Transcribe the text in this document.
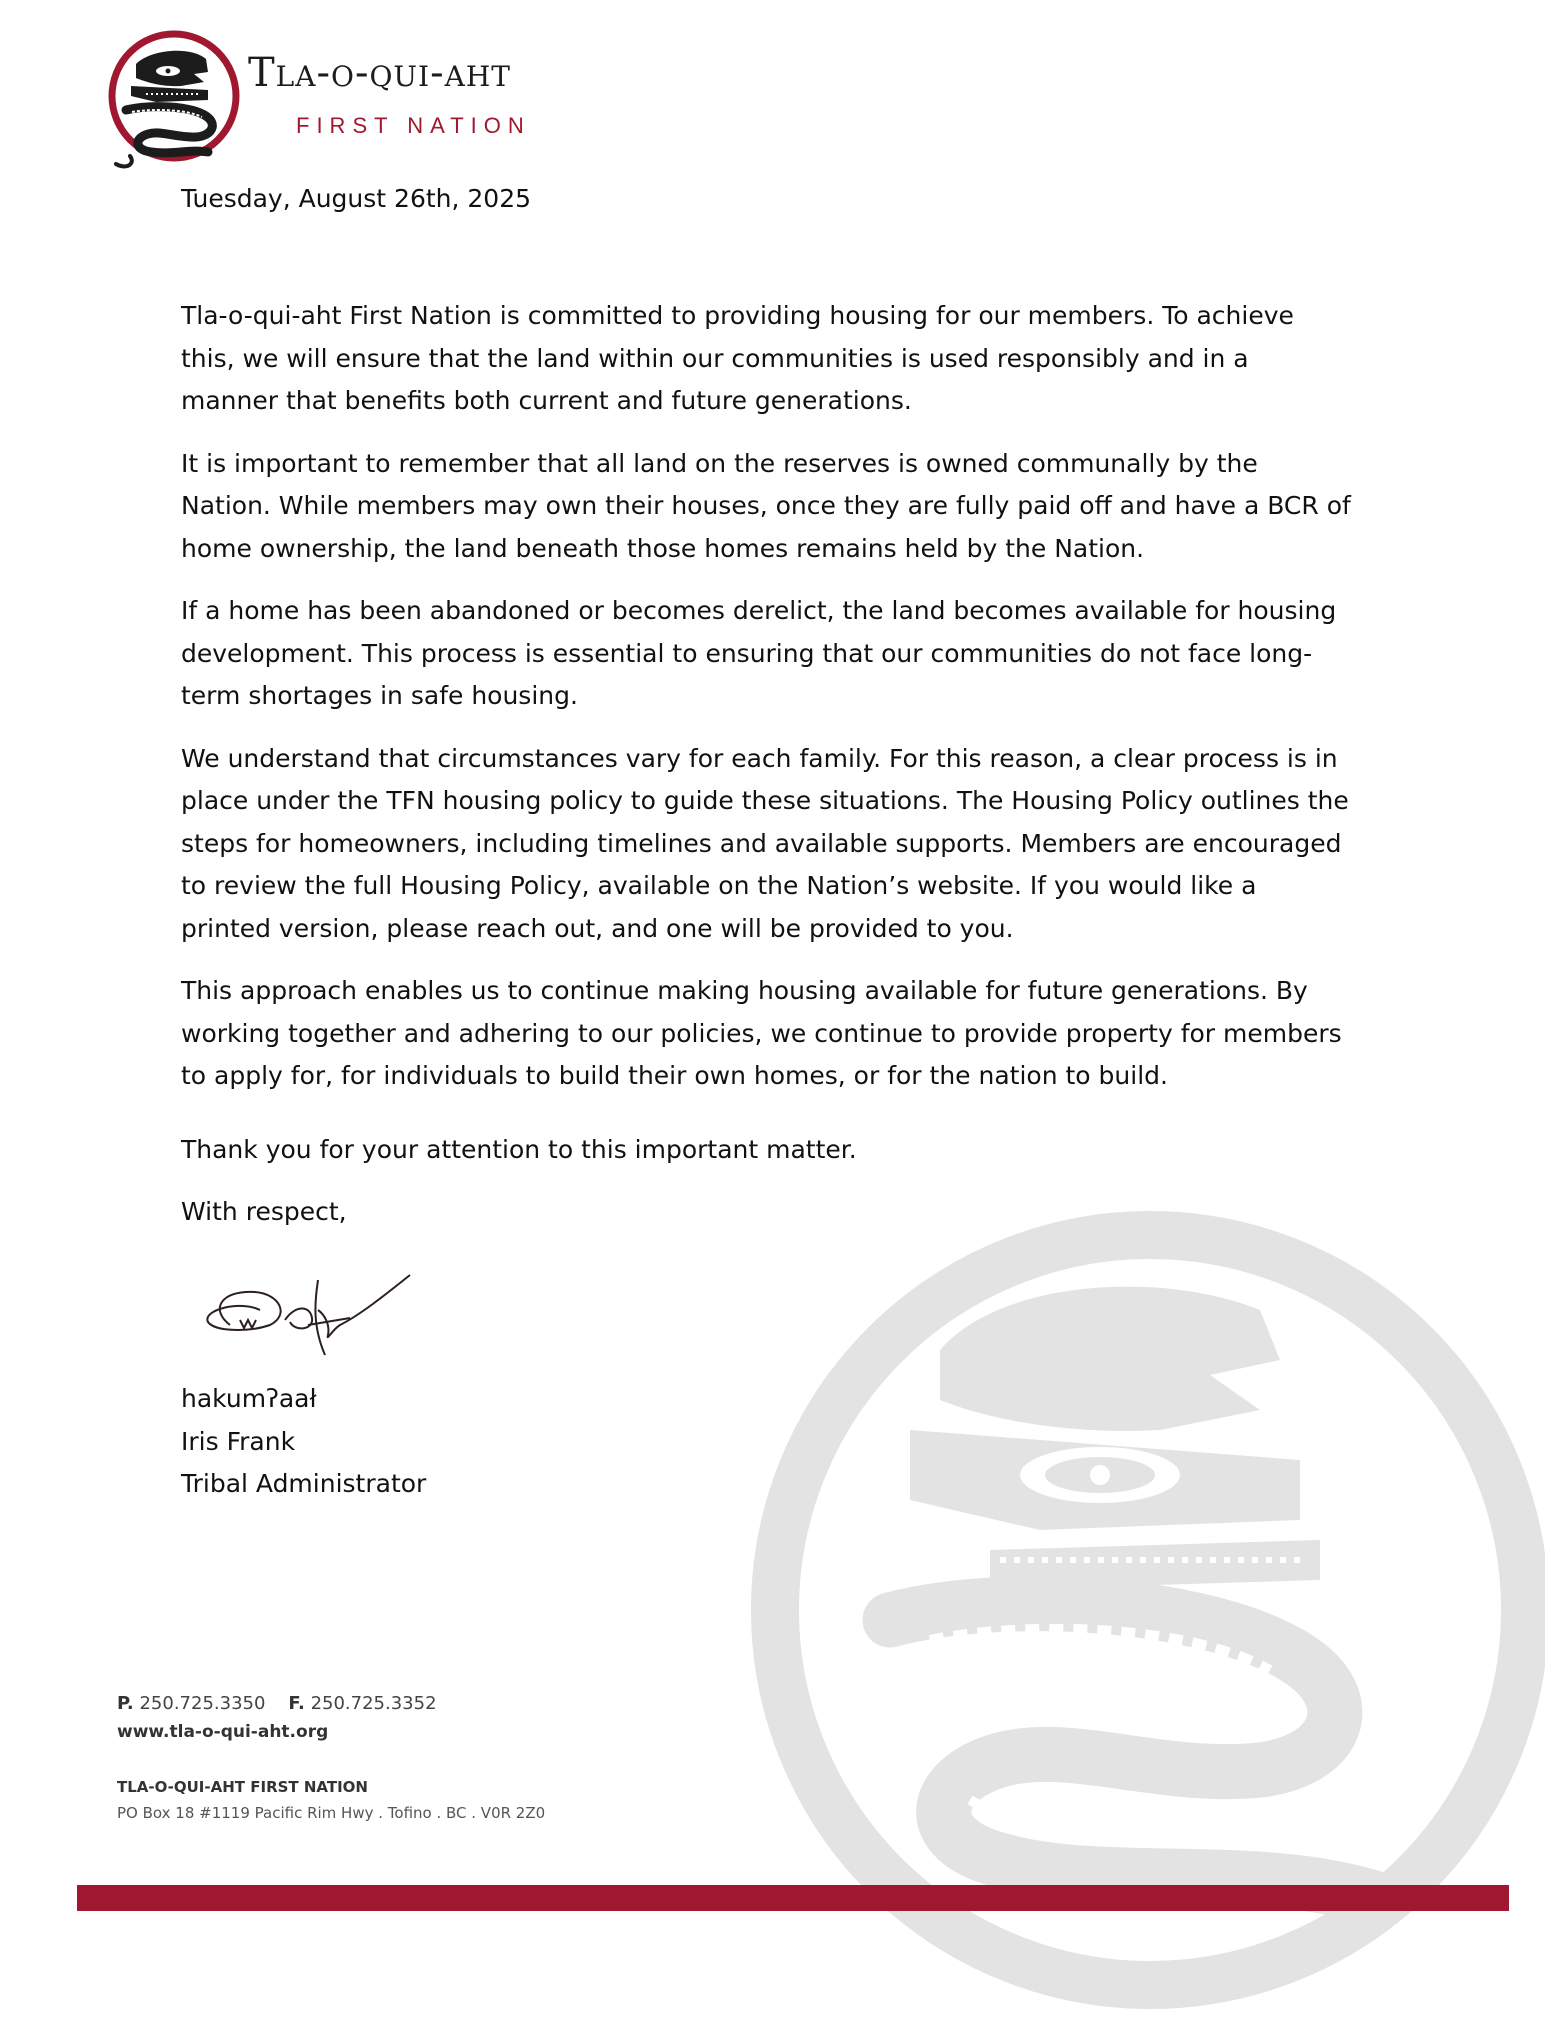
Tla-o-qui-aht
FIRST NATION
Tuesday, August 26th, 2025

Tla-o-qui-aht First Nation is committed to providing housing for our members. To achieve this, we will ensure that the land within our communities is used responsibly and in a manner that benefits both current and future generations.

It is important to remember that all land on the reserves is owned communally by the Nation. While members may own their houses, once they are fully paid off and have a BCR of home ownership, the land beneath those homes remains held by the Nation.

If a home has been abandoned or becomes derelict, the land becomes available for housing development. This process is essential to ensuring that our communities do not face long-term shortages in safe housing.

We understand that circumstances vary for each family. For this reason, a clear process is in place under the TFN housing policy to guide these situations. The Housing Policy outlines the steps for homeowners, including timelines and available supports. Members are encouraged to review the full Housing Policy, available on the Nation’s website. If you would like a printed version, please reach out, and one will be provided to you.

This approach enables us to continue making housing available for future generations. By working together and adhering to our policies, we continue to provide property for members to apply for, for individuals to build their own homes, or for the nation to build.

Thank you for your attention to this important matter.
With respect,
hakumʔaał
Iris Frank
Tribal Administrator
P. 250.725.3350 F. 250.725.3352
www.tla-o-qui-aht.org
TLA-O-QUI-AHT FIRST NATION
PO Box 18 #1119 Pacific Rim Hwy . Tofino . BC . V0R 2Z0
